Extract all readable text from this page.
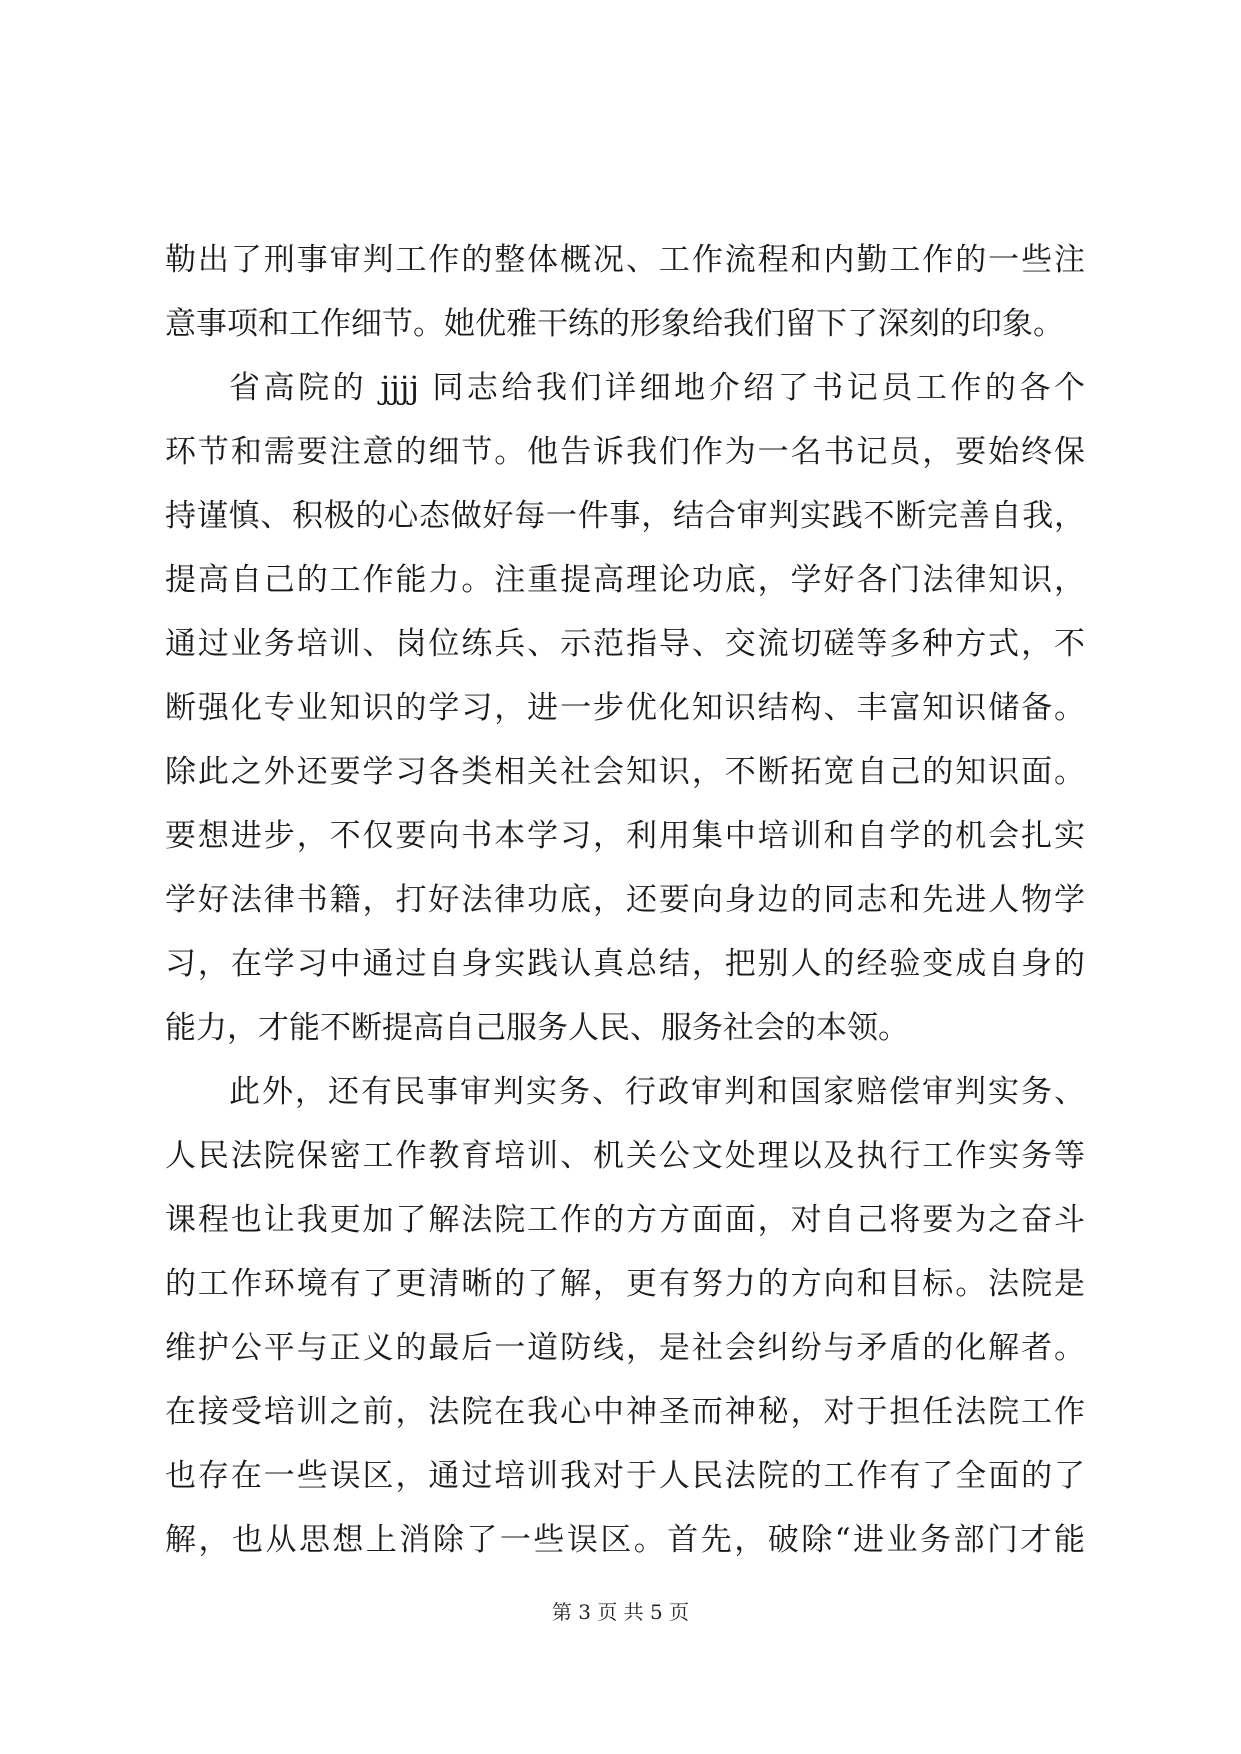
勒出了刑事审判工作的整体概况、工作流程和内勤工作的一些注
意事项和工作细节。她优雅干练的形象给我们留下了深刻的印象。
省高院的 jjjj 同志给我们详细地介绍了书记员工作的各个
环节和需要注意的细节。他告诉我们作为一名书记员，要始终保
持谨慎、积极的心态做好每一件事，结合审判实践不断完善自我，
提高自己的工作能力。注重提高理论功底，学好各门法律知识，
通过业务培训、岗位练兵、示范指导、交流切磋等多种方式，不
断强化专业知识的学习，进一步优化知识结构、丰富知识储备。
除此之外还要学习各类相关社会知识，不断拓宽自己的知识面。
要想进步，不仅要向书本学习，利用集中培训和自学的机会扎实
学好法律书籍，打好法律功底，还要向身边的同志和先进人物学
习，在学习中通过自身实践认真总结，把别人的经验变成自身的
能力，才能不断提高自己服务人民、服务社会的本领。
此外，还有民事审判实务、行政审判和国家赔偿审判实务、
人民法院保密工作教育培训、机关公文处理以及执行工作实务等
课程也让我更加了解法院工作的方方面面，对自己将要为之奋斗
的工作环境有了更清晰的了解，更有努力的方向和目标。法院是
维护公平与正义的最后一道防线，是社会纠纷与矛盾的化解者。
在接受培训之前，法院在我心中神圣而神秘，对于担任法院工作
也存在一些误区，通过培训我对于人民法院的工作有了全面的了
解，也从思想上消除了一些误区。首先，破除“进业务部门才能
第 3 页 共 5 页
